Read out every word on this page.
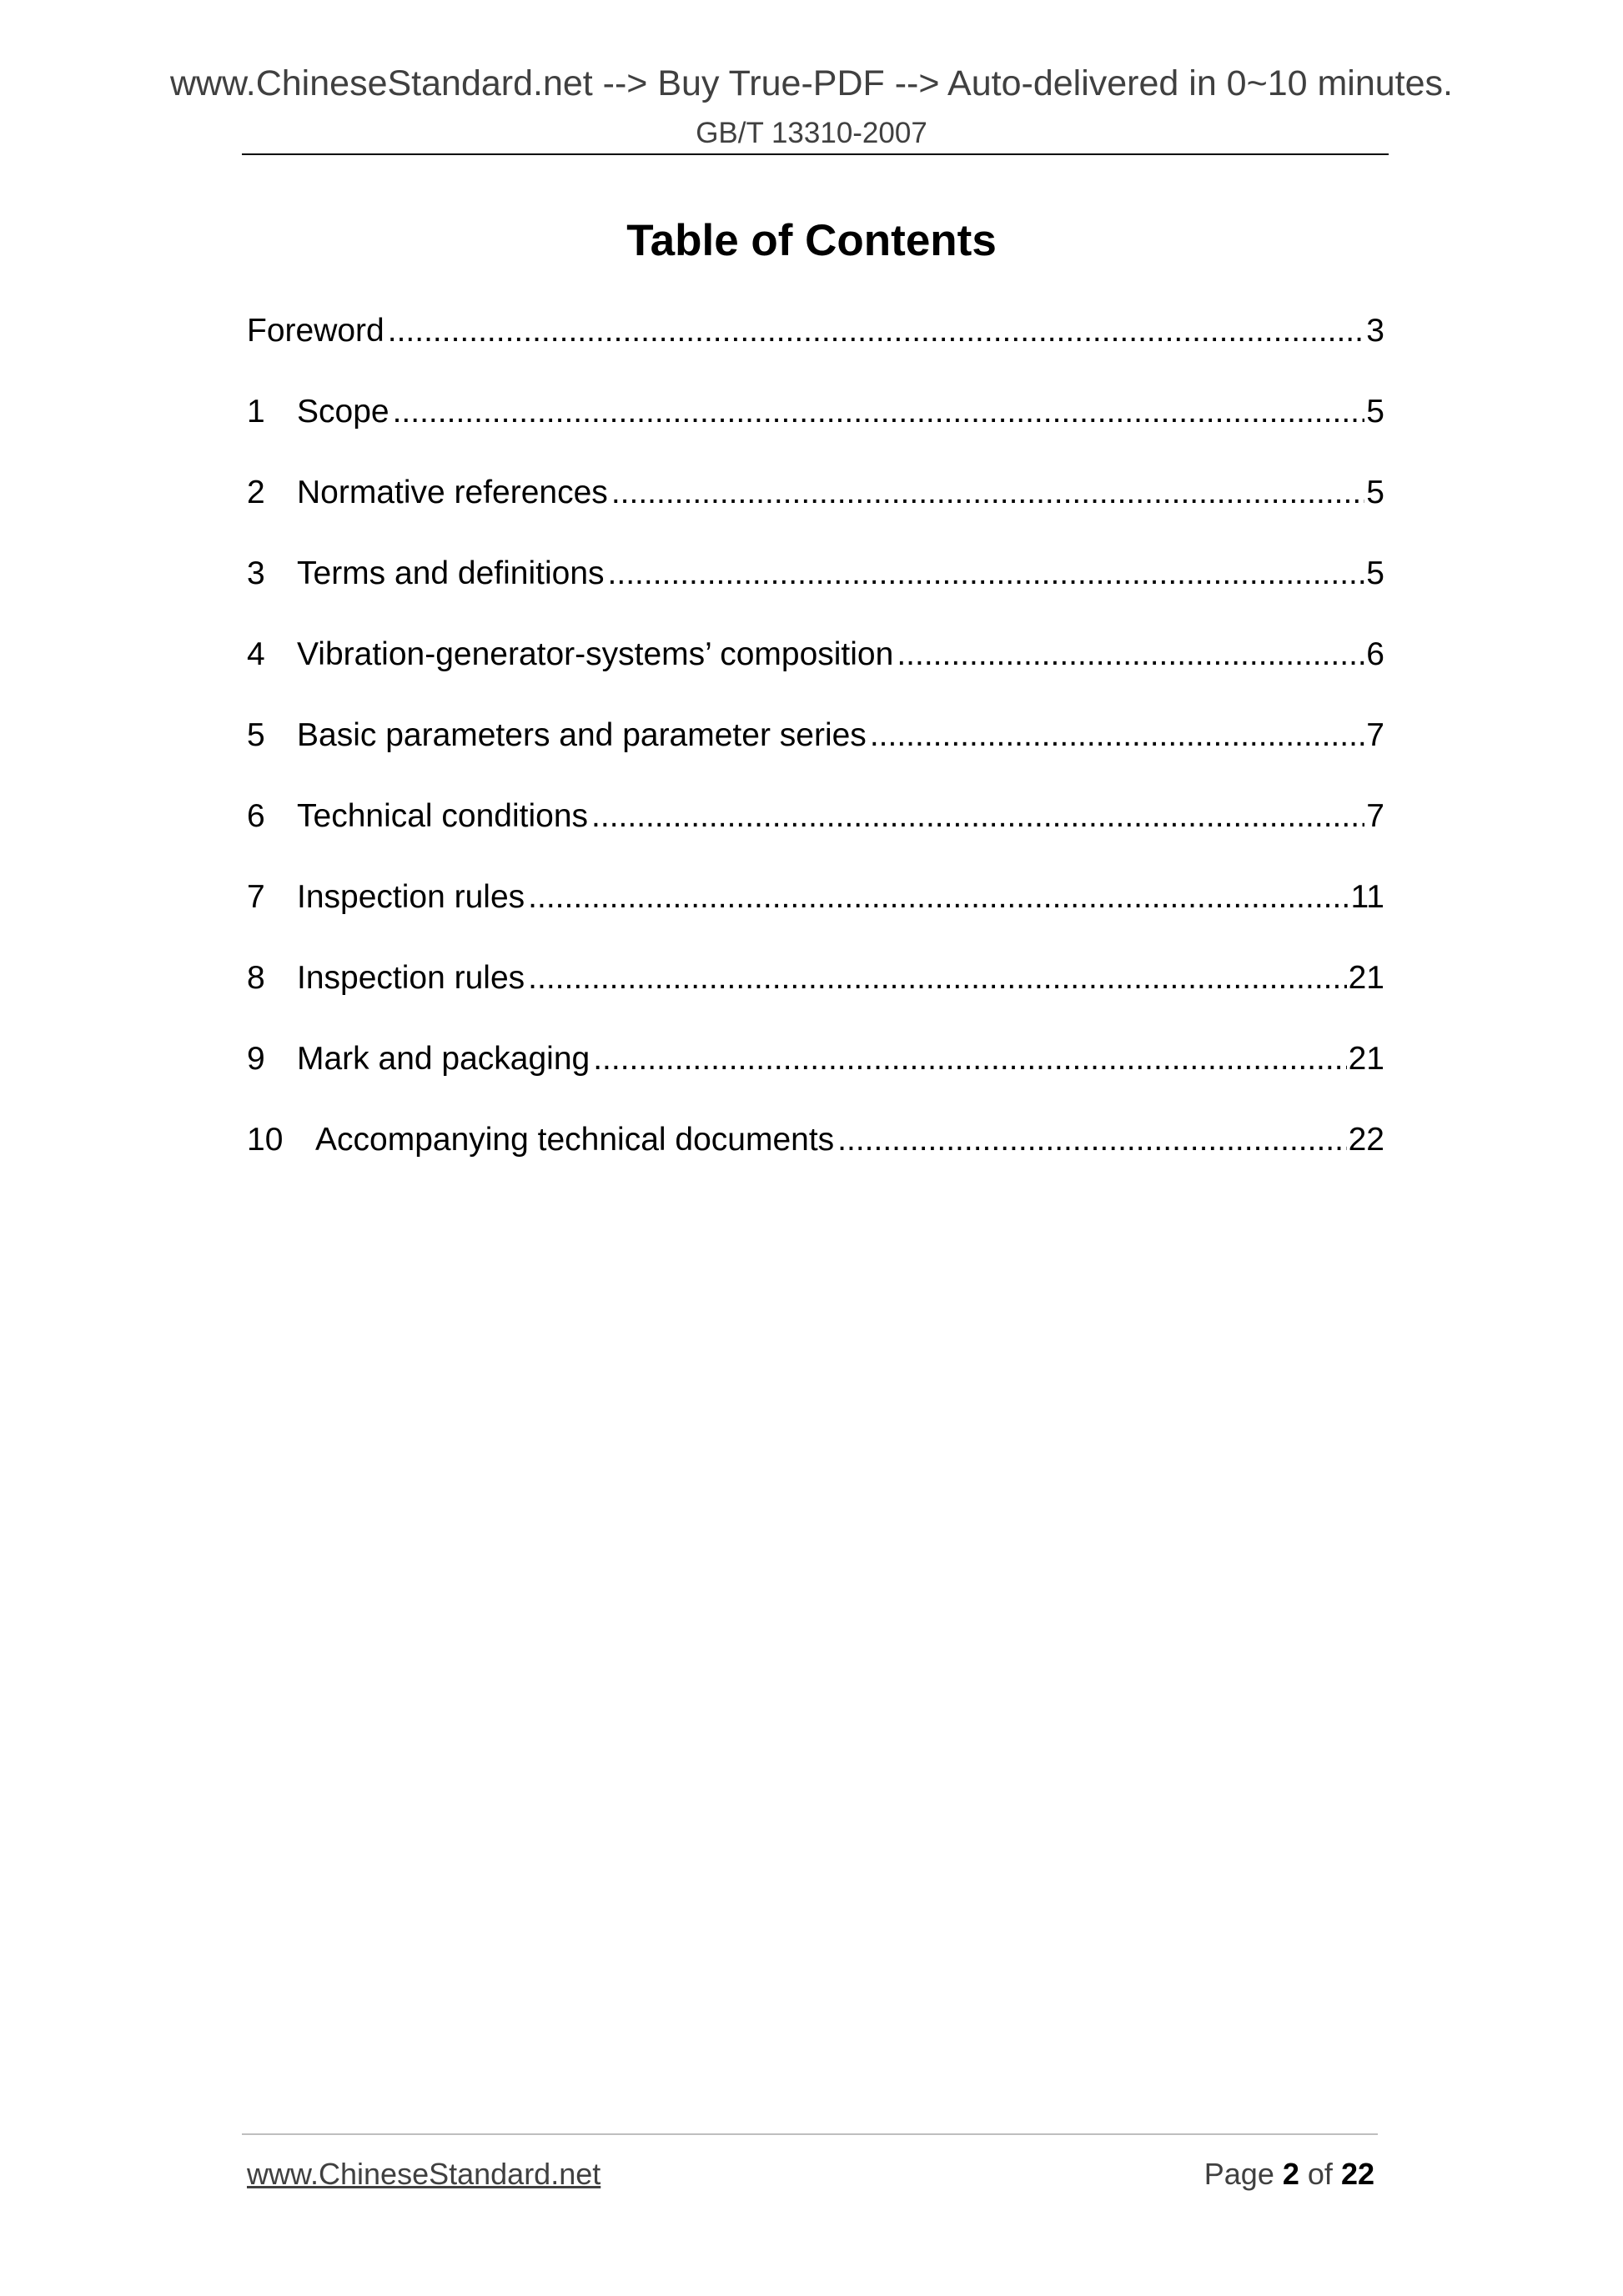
www.ChineseStandard.net --> Buy True-PDF --> Auto-delivered in 0~10 minutes.
GB/T 13310-2007
Table of Contents
Foreword .....	3
1 Scope .....	5
2 Normative references .....	5
3 Terms and definitions .....	5
4 Vibration-generator-systems’ composition .....	6
5 Basic parameters and parameter series .....	7
6 Technical conditions .....	7
7 Inspection rules .....	11
8 Inspection rules .....	21
9 Mark and packaging .....	21
10 Accompanying technical documents .....	22
www.ChineseStandard.net	Page 2 of 22
